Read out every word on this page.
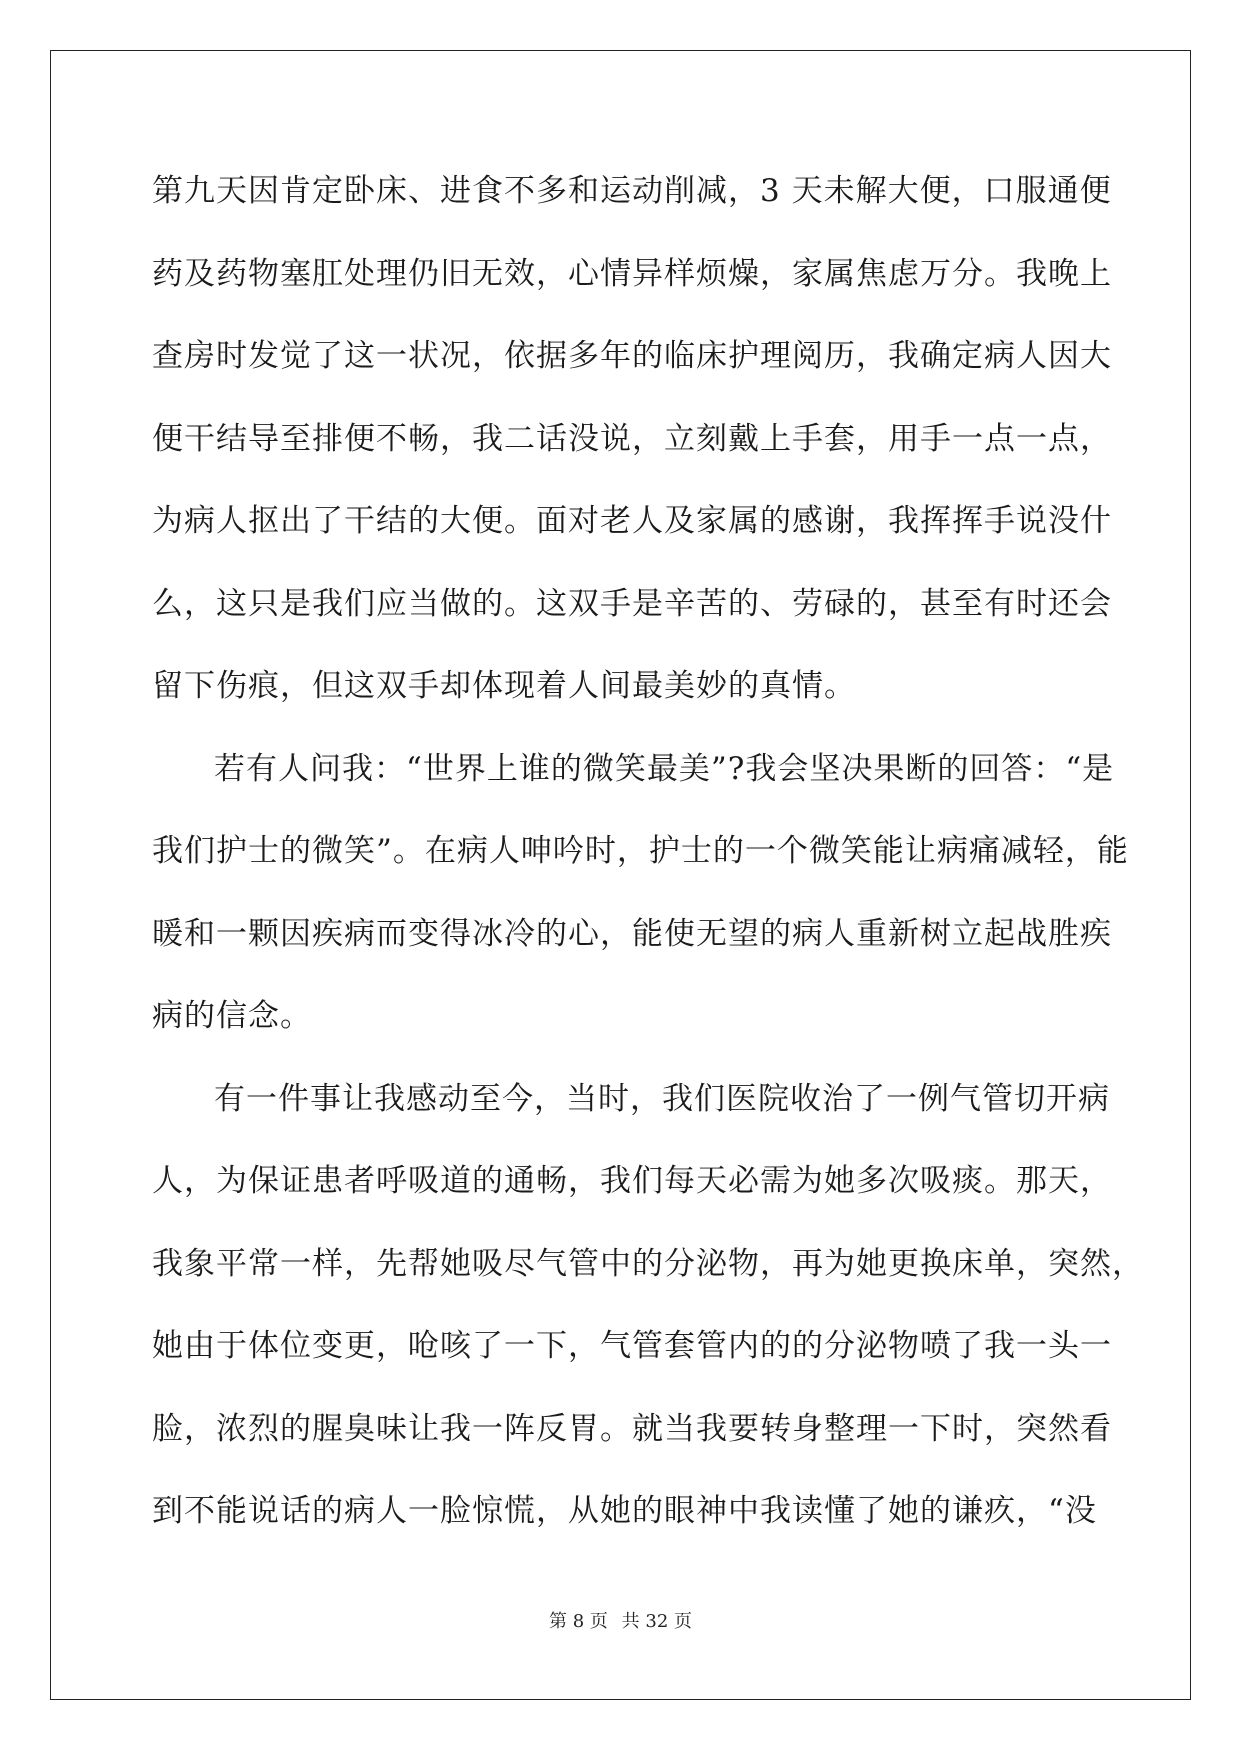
第九天因肯定卧床、进食不多和运动削减，3 天未解大便，口服通便
药及药物塞肛处理仍旧无效，心情异样烦燥，家属焦虑万分。我晚上
查房时发觉了这一状况，依据多年的临床护理阅历，我确定病人因大
便干结导至排便不畅，我二话没说，立刻戴上手套，用手一点一点，
为病人抠出了干结的大便。面对老人及家属的感谢，我挥挥手说没什
么，这只是我们应当做的。这双手是辛苦的、劳碌的，甚至有时还会
留下伤痕，但这双手却体现着人间最美妙的真情。
若有人问我：“世界上谁的微笑最美”?我会坚决果断的回答：“是
我们护士的微笑”。在病人呻吟时，护士的一个微笑能让病痛减轻，能
暖和一颗因疾病而变得冰冷的心，能使无望的病人重新树立起战胜疾
病的信念。
有一件事让我感动至今，当时，我们医院收治了一例气管切开病
人，为保证患者呼吸道的通畅，我们每天必需为她多次吸痰。那天，
我象平常一样，先帮她吸尽气管中的分泌物，再为她更换床单，突然，
她由于体位变更，呛咳了一下，气管套管内的的分泌物喷了我一头一
脸，浓烈的腥臭味让我一阵反胃。就当我要转身整理一下时，突然看
到不能说话的病人一脸惊慌，从她的眼神中我读懂了她的谦疚，“没
第 8 页 共 32 页
